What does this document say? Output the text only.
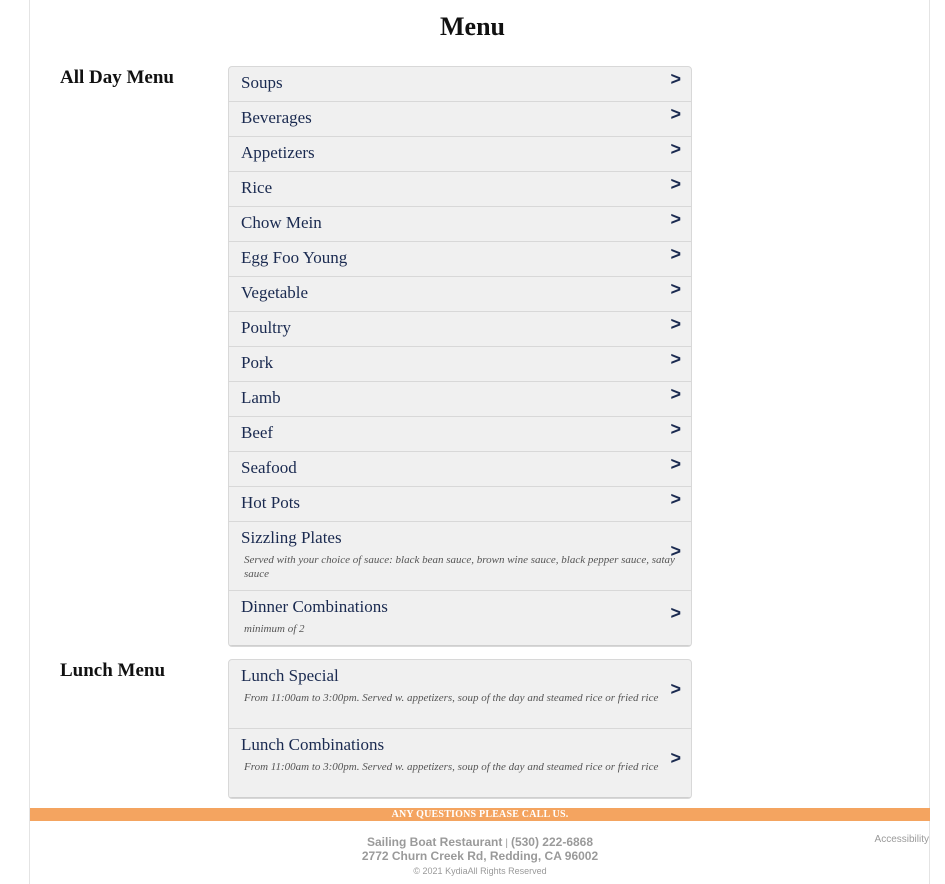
Menu
All Day Menu	Soups	>
Beverages	>
Appetizers	>
Rice	>
Chow Mein	>
Egg Foo Young	>
Vegetable	>
Poultry	>
Pork	>
Lamb	>
Beef	>
Seafood	>
Hot Pots	>
Sizzling Plates
Served with your choice of sauce: black bean sauce, brown wine sauce, black pepper sauce, satay sauce
>
Dinner Combinations
minimum of 2
>
Lunch Menu	Lunch Special
From 11:00am to 3:00pm. Served w. appetizers, soup of the day and steamed rice or fried rice >
Lunch Combinations
From 11:00am to 3:00pm. Served w. appetizers, soup of the day and steamed rice or fried rice >
ANY QUESTIONS PLEASE CALL US.
Sailing Boat Restaurant | (530) 222-6868
2772 Churn Creek Rd, Redding, CA 96002
© 2021 KydiaAll Rights Reserved
Accessibility
